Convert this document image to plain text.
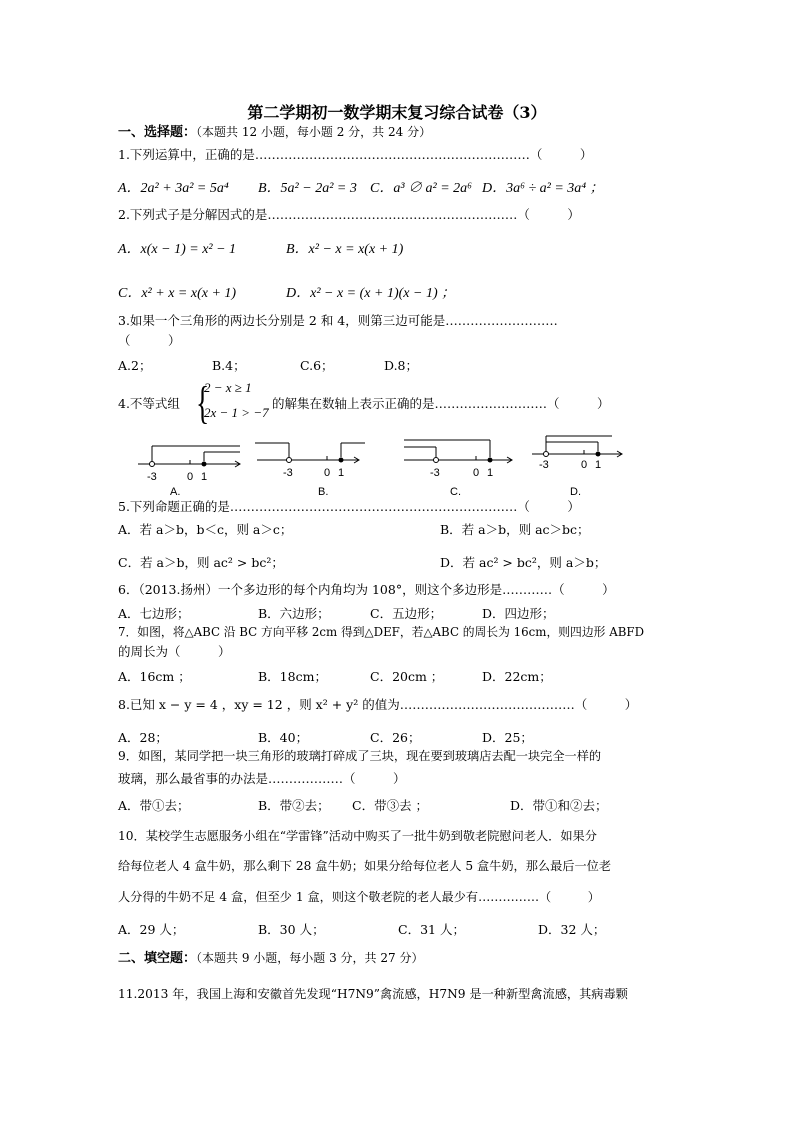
第二学期初一数学期末复习综合试卷（3）
一、选择题：（本题共 12 小题，每小题 2 分，共 24 分）
1.下列运算中，正确的是…………………………………………………………（　　　）
A．2a² + 3a² = 5a⁴ B．5a² − 2a² = 3 C．a³ ∅ a² = 2a⁶ D．3a⁶ ÷ a² = 3a⁴ ；
2.下列式子是分解因式的是……………………………………………………（　　　）
A．x(x − 1) = x² − 1	B．x² − x = x(x + 1)
C．x² + x = x(x + 1)	D．x² − x = (x + 1)(x − 1) ；
3.如果一个三角形的两边长分别是 2 和 4，则第三边可能是………………………
（　　　）
A.2；	B.4；	C.6；	D.8；
4.不等式组 {
2 − x ≥ 1
2x − 1 > −7
的解集在数轴上表示正确的是………………………（　　　）
-3	0 1	-3	0 1	-3	0 1
-3	0 1
A.	B.	C.	D.
5.下列命题正确的是……………………………………………………………（　　　）
A．若 a＞b，b＜c，则 a＞c；	B．若 a＞b，则 ac＞bc；
C．若 a＞b，则 ac² > bc²；	D．若 ac² > bc²，则 a＞b；
6．（2013.扬州）一个多边形的每个内角均为 108°，则这个多边形是…………（　　　）
A．七边形；	B．六边形；	C．五边形；	D．四边形；
7．如图，将△ABC 沿 BC 方向平移 2cm 得到△DEF，若△ABC 的周长为 16cm，则四边形 ABFD
的周长为（　　　）
A．16cm ；	B．18cm；	C．20cm ；	D．22cm；
8.已知 x − y = 4 ，xy = 12 ，则 x² + y² 的值为……………………………………（　　　）
A．28；	B．40；	C．26；	D．25；
9．如图，某同学把一块三角形的玻璃打碎成了三块，现在要到玻璃店去配一块完全一样的
玻璃，那么最省事的办法是………………（　　　）
A．带①去；	B．带②去； C．带③去 ；	D．带①和②去；
10．某校学生志愿服务小组在“学雷锋”活动中购买了一批牛奶到敬老院慰问老人．如果分
给每位老人 4 盒牛奶，那么剩下 28 盒牛奶；如果分给每位老人 5 盒牛奶，那么最后一位老
人分得的牛奶不足 4 盒，但至少 1 盒，则这个敬老院的老人最少有……………（　　　）
A．29 人；	B．30 人；	C．31 人；	D．32 人；
二、填空题：（本题共 9 小题，每小题 3 分，共 27 分）
11.2013 年，我国上海和安徽首先发现“H7N9”禽流感，H7N9 是一种新型禽流感，其病毒颗
